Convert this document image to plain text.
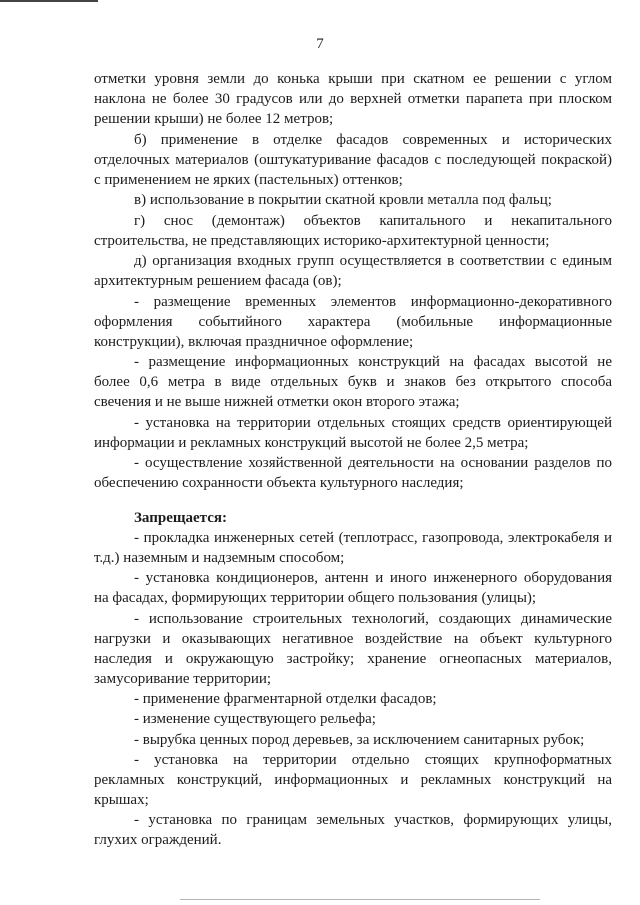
7

отметки уровня земли до конька крыши при скатном ее решении с углом

наклона не более 30 градусов или до верхней отметки парапета при плоском

решении крыши) не более 12 метров;

б) применение в отделке фасадов современных и исторических

отделочных материалов (оштукатуривание фасадов с последующей покраской)

с применением не ярких (пастельных) оттенков;

в) использование в покрытии скатной кровли металла под фальц;

г) снос (демонтаж) объектов капитального и некапитального

строительства, не представляющих историко-архитектурной ценности;

д) организация входных групп осуществляется в соответствии с единым

архитектурным решением фасада (ов);

- размещение временных элементов информационно-декоративного

оформления событийного характера (мобильные информационные

конструкции), включая праздничное оформление;

- размещение информационных конструкций на фасадах высотой не

более 0,6 метра в виде отдельных букв и знаков без открытого способа

свечения и не выше нижней отметки окон второго этажа;

- установка на территории отдельных стоящих средств ориентирующей

информации и рекламных конструкций высотой не более 2,5 метра;

- осуществление хозяйственной деятельности на основании разделов по

обеспечению сохранности объекта культурного наследия;

Запрещается:

- прокладка инженерных сетей (теплотрасс, газопровода, электрокабеля и

т.д.) наземным и надземным способом;

- установка кондиционеров, антенн и иного инженерного оборудования

на фасадах, формирующих территории общего пользования (улицы);

- использование строительных технологий, создающих динамические

нагрузки и оказывающих негативное воздействие на объект культурного

наследия и окружающую застройку; хранение огнеопасных материалов,

замусоривание территории;

- применение фрагментарной отделки фасадов;

- изменение существующего рельефа;

- вырубка ценных пород деревьев, за исключением санитарных рубок;

- установка на территории отдельно стоящих крупноформатных

рекламных конструкций, информационных и рекламных конструкций на

крышах;

- установка по границам земельных участков, формирующих улицы,

глухих ограждений.
